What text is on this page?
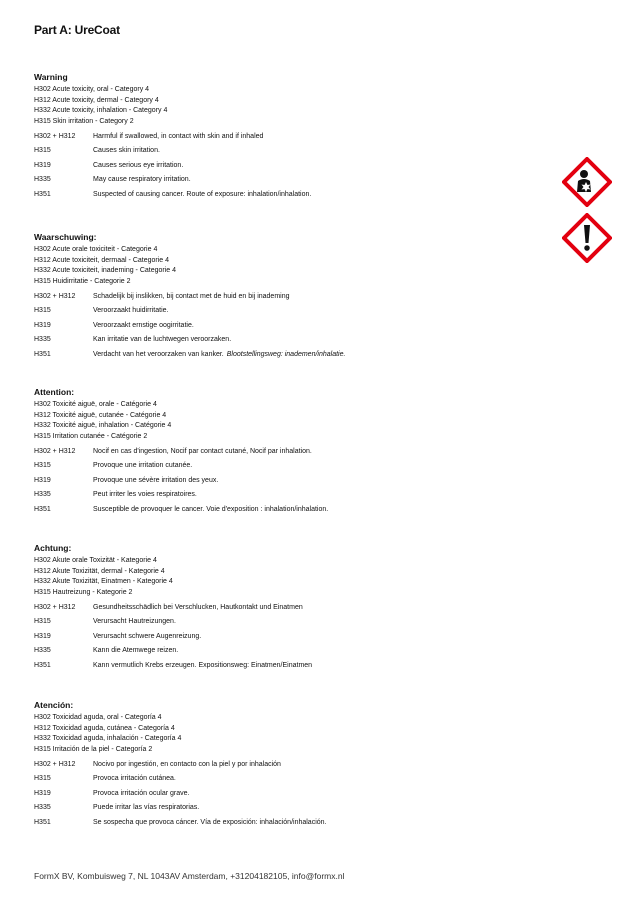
Part A: UreCoat
Warning
H302 Acute toxicity, oral - Category 4
H312 Acute toxicity, dermal - Category 4
H332 Acute toxicity, inhalation - Category 4
H315 Skin irritation - Category 2
H302 + H312	Harmful if swallowed, in contact with skin and if inhaled
H315	Causes skin irritation.
H319	Causes serious eye irritation.
H335	May cause respiratory irritation.
H351	Suspected of causing cancer. Route of exposure: inhalation/inhalation.
Waarschuwing:
H302 Acute orale toxiciteit - Categorie 4
H312 Acute toxiciteit, dermaal - Categorie 4
H332 Acute toxiciteit, inademing - Categorie 4
H315 Huidirritatie - Categorie 2
H302 + H312	Schadelijk bij inslikken, bij contact met de huid en bij inademing
H315	Veroorzaakt huidirritatie.
H319	Veroorzaakt ernstige oogirritatie.
H335	Kan irritatie van de luchtwegen veroorzaken.
H351	Verdacht van het veroorzaken van kanker. Blootstellingsweg: inademen/inhalatie.
Attention:
H302 Toxicité aiguë, orale - Catégorie 4
H312 Toxicité aiguë, cutanée - Catégorie 4
H332 Toxicité aiguë, inhalation - Catégorie 4
H315 Irritation cutanée - Catégorie 2
H302 + H312	Nocif en cas d'ingestion, Nocif par contact cutané, Nocif par inhalation.
H315	Provoque une irritation cutanée.
H319	Provoque une sévère irritation des yeux.
H335	Peut irriter les voies respiratoires.
H351	Susceptible de provoquer le cancer. Voie d'exposition : inhalation/inhalation.
Achtung:
H302 Akute orale Toxizität - Kategorie 4
H312 Akute Toxizität, dermal - Kategorie 4
H332 Akute Toxizität, Einatmen - Kategorie 4
H315 Hautreizung - Kategorie 2
H302 + H312	Gesundheitsschädlich bei Verschlucken, Hautkontakt und Einatmen
H315	Verursacht Hautreizungen.
H319	Verursacht schwere Augenreizung.
H335	Kann die Atemwege reizen.
H351	Kann vermutlich Krebs erzeugen. Expositionsweg: Einatmen/Einatmen
Atención:
H302 Toxicidad aguda, oral - Categoría 4
H312 Toxicidad aguda, cutánea - Categoría 4
H332 Toxicidad aguda, inhalación - Categoría 4
H315 Irritación de la piel - Categoría 2
H302 + H312	Nocivo por ingestión, en contacto con la piel y por inhalación
H315	Provoca irritación cutánea.
H319	Provoca irritación ocular grave.
H335	Puede irritar las vías respiratorias.
H351	Se sospecha que provoca cáncer. Vía de exposición: inhalación/inhalación.
FormX BV, Kombuisweg 7, NL 1043AV Amsterdam, +31204182105, info@formx.nl
